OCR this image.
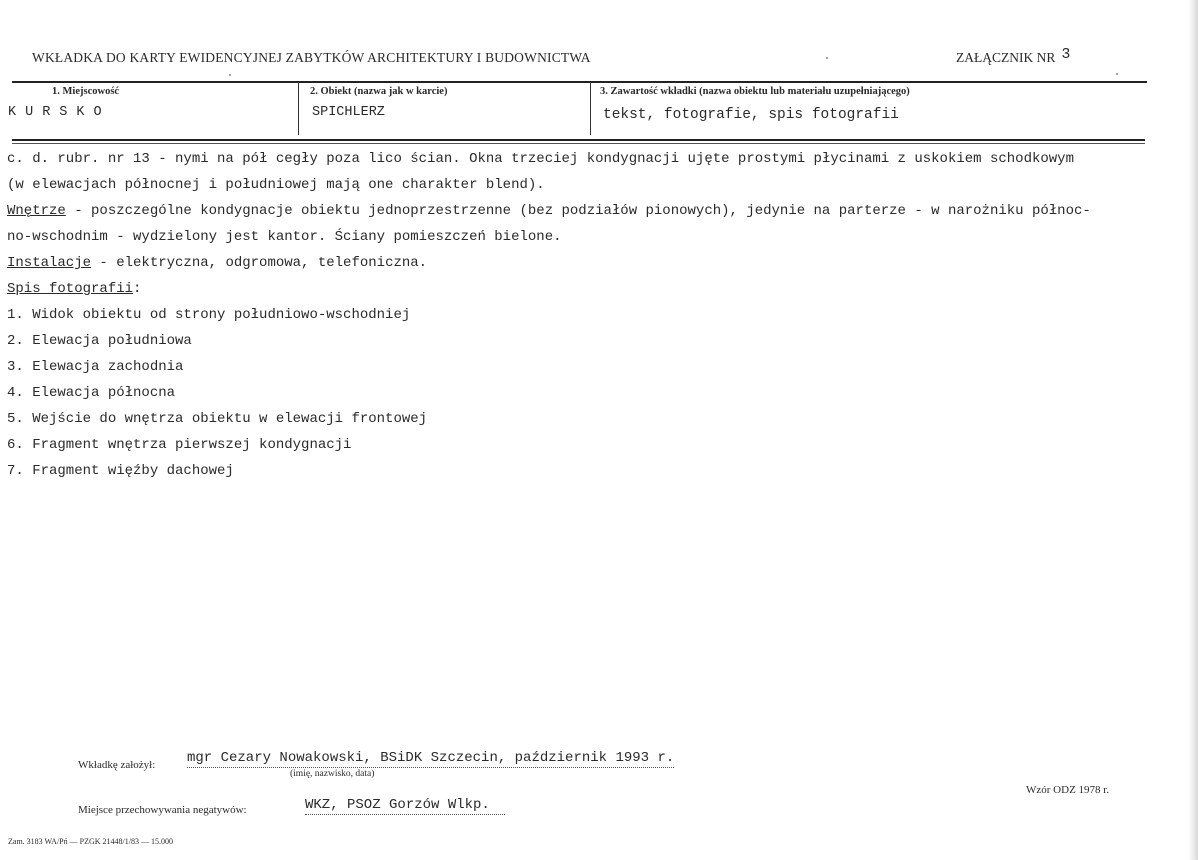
WKŁADKA DO KARTY EWIDENCYJNEJ ZABYTKÓW ARCHITEKTURY I BUDOWNICTWA	ZAŁĄCZNIK NR 3
1. Miejscowość	2. Obiekt (nazwa jak w karcie)	3. Zawartość wkładki (nazwa obiektu lub materiału uzupełniającego)
KURSKO	SPICHLERZ	tekst, fotografie, spis fotografii
c. d. rubr. nr 13 - nymi na pół cegły poza lico ścian. Okna trzeciej kondygnacji ujęte prostymi płycinami z uskokiem schodkowym
(w elewacjach północnej i południowej mają one charakter blend).
Wnętrze - poszczególne kondygnacje obiektu jednoprzestrzenne (bez podziałów pionowych), jedynie na parterze - w narożniku północ-
no-wschodnim - wydzielony jest kantor. Ściany pomieszczeń bielone.
Instalacje - elektryczna, odgromowa, telefoniczna.
Spis fotografii:
1. Widok obiektu od strony południowo-wschodniej
2. Elewacja południowa
3. Elewacja zachodnia
4. Elewacja północna
5. Wejście do wnętrza obiektu w elewacji frontowej
6. Fragment wnętrza pierwszej kondygnacji
7. Fragment więźby dachowej
Wkładkę założył: mgr Cezary Nowakowski, BSiDK Szczecin, październik 1993 r.
(imię, nazwisko, data)
Miejsce przechowywania negatywów:	WKZ, PSOZ Gorzów Wlkp.
Wzór ODZ 1978 r.
Zam. 3183 WA/Pń — PZGK 21448/1/83 — 15.000
